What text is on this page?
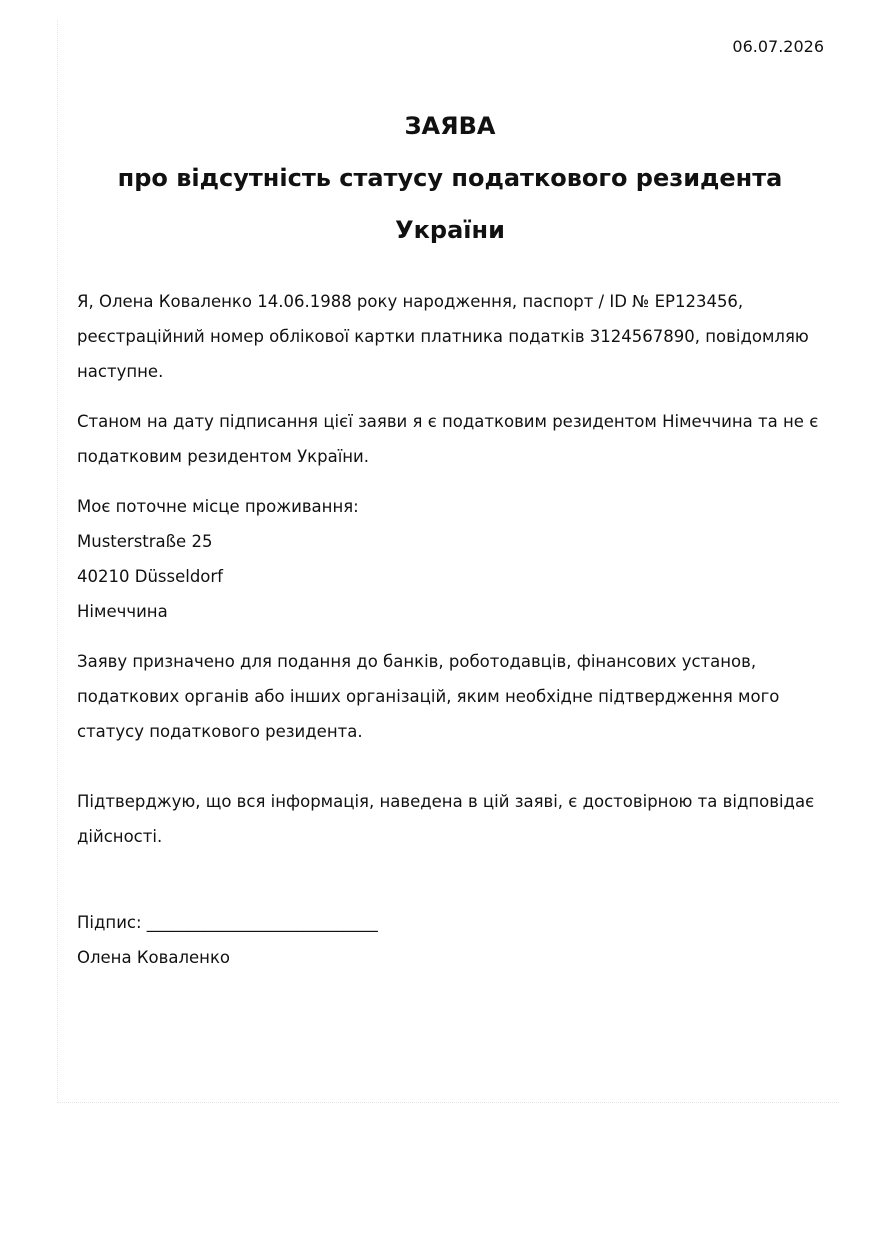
06.07.2026
ЗАЯВА
про відсутність статусу податкового резидента
України

Я, Олена Коваленко 14.06.1988 року народження, паспорт / ID № EP123456, реєстраційний номер облікової картки платника податків 3124567890, повідомляю наступне.

Станом на дату підписання цієї заяви я є податковим резидентом Німеччина та не є податковим резидентом України.

Моє поточне місце проживання:
Musterstraße 25
40210 Düsseldorf
Німеччина

Заяву призначено для подання до банків, роботодавців, фінансових установ, податкових органів або інших організацій, яким необхідне підтвердження мого статусу податкового резидента.

Підтверджую, що вся інформація, наведена в цій заяві, є достовірною та відповідає дійсності.

Підпис: ____________________________
Олена Коваленко
